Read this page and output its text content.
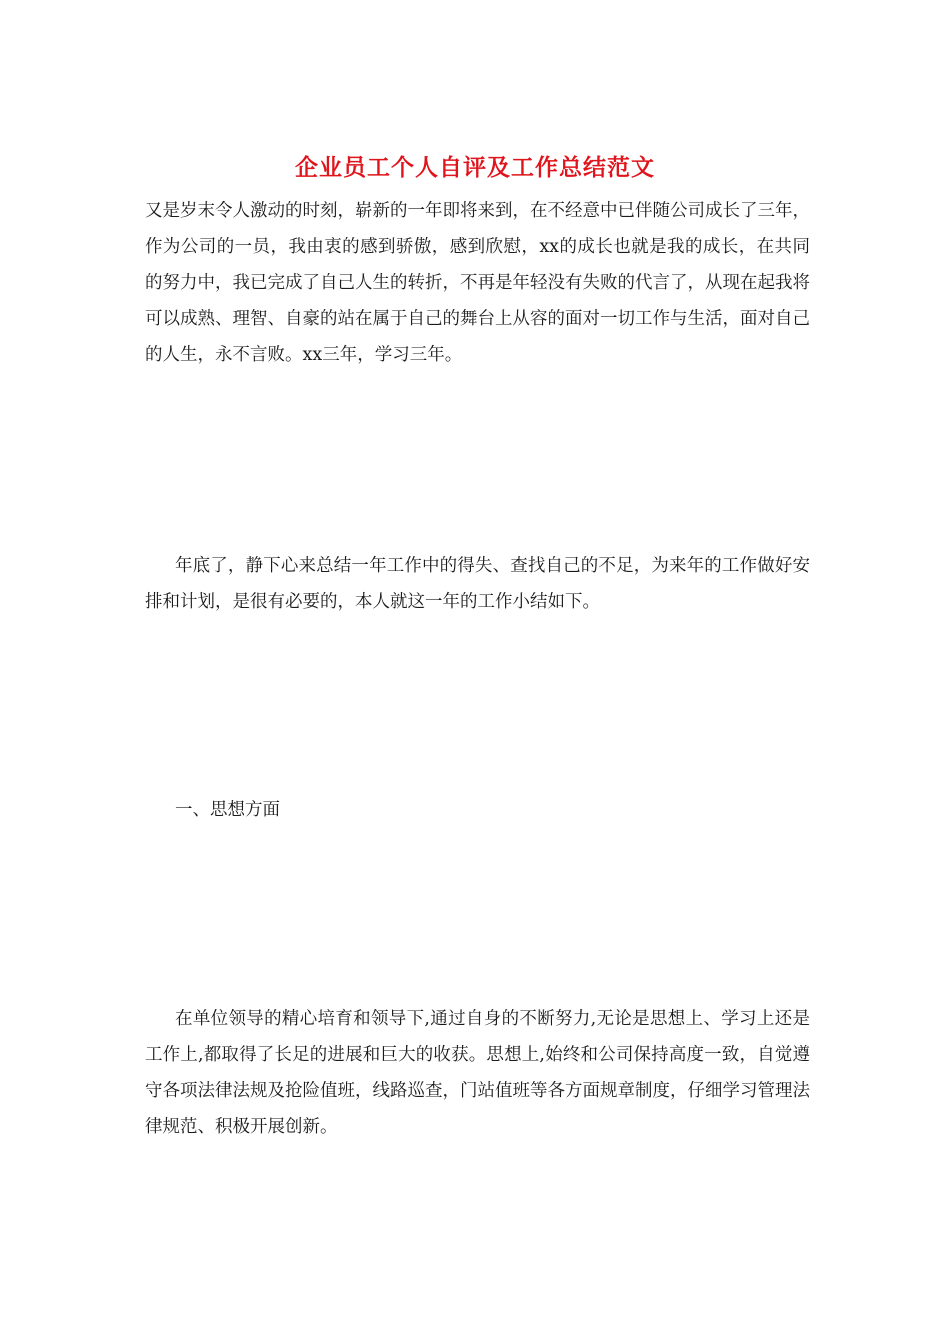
企业员工个人自评及工作总结范文

又是岁末令人激动的时刻，崭新的一年即将来到，在不经意中已伴随公司成长了三年，作为公司的一员，我由衷的感到骄傲，感到欣慰，xx的成长也就是我的成长，在共同的努力中，我已完成了自己人生的转折，不再是年轻没有失败的代言了，从现在起我将可以成熟、理智、自豪的站在属于自己的舞台上从容的面对一切工作与生活，面对自己的人生，永不言败。xx三年，学习三年。

年底了，静下心来总结一年工作中的得失、查找自己的不足，为来年的工作做好安排和计划，是很有必要的，本人就这一年的工作小结如下。

一、思想方面

在单位领导的精心培育和领导下,通过自身的不断努力,无论是思想上、学习上还是工作上,都取得了长足的进展和巨大的收获。思想上,始终和公司保持高度一致，自觉遵守各项法律法规及抢险值班，线路巡查，门站值班等各方面规章制度，仔细学习管理法律规范、积极开展创新。
